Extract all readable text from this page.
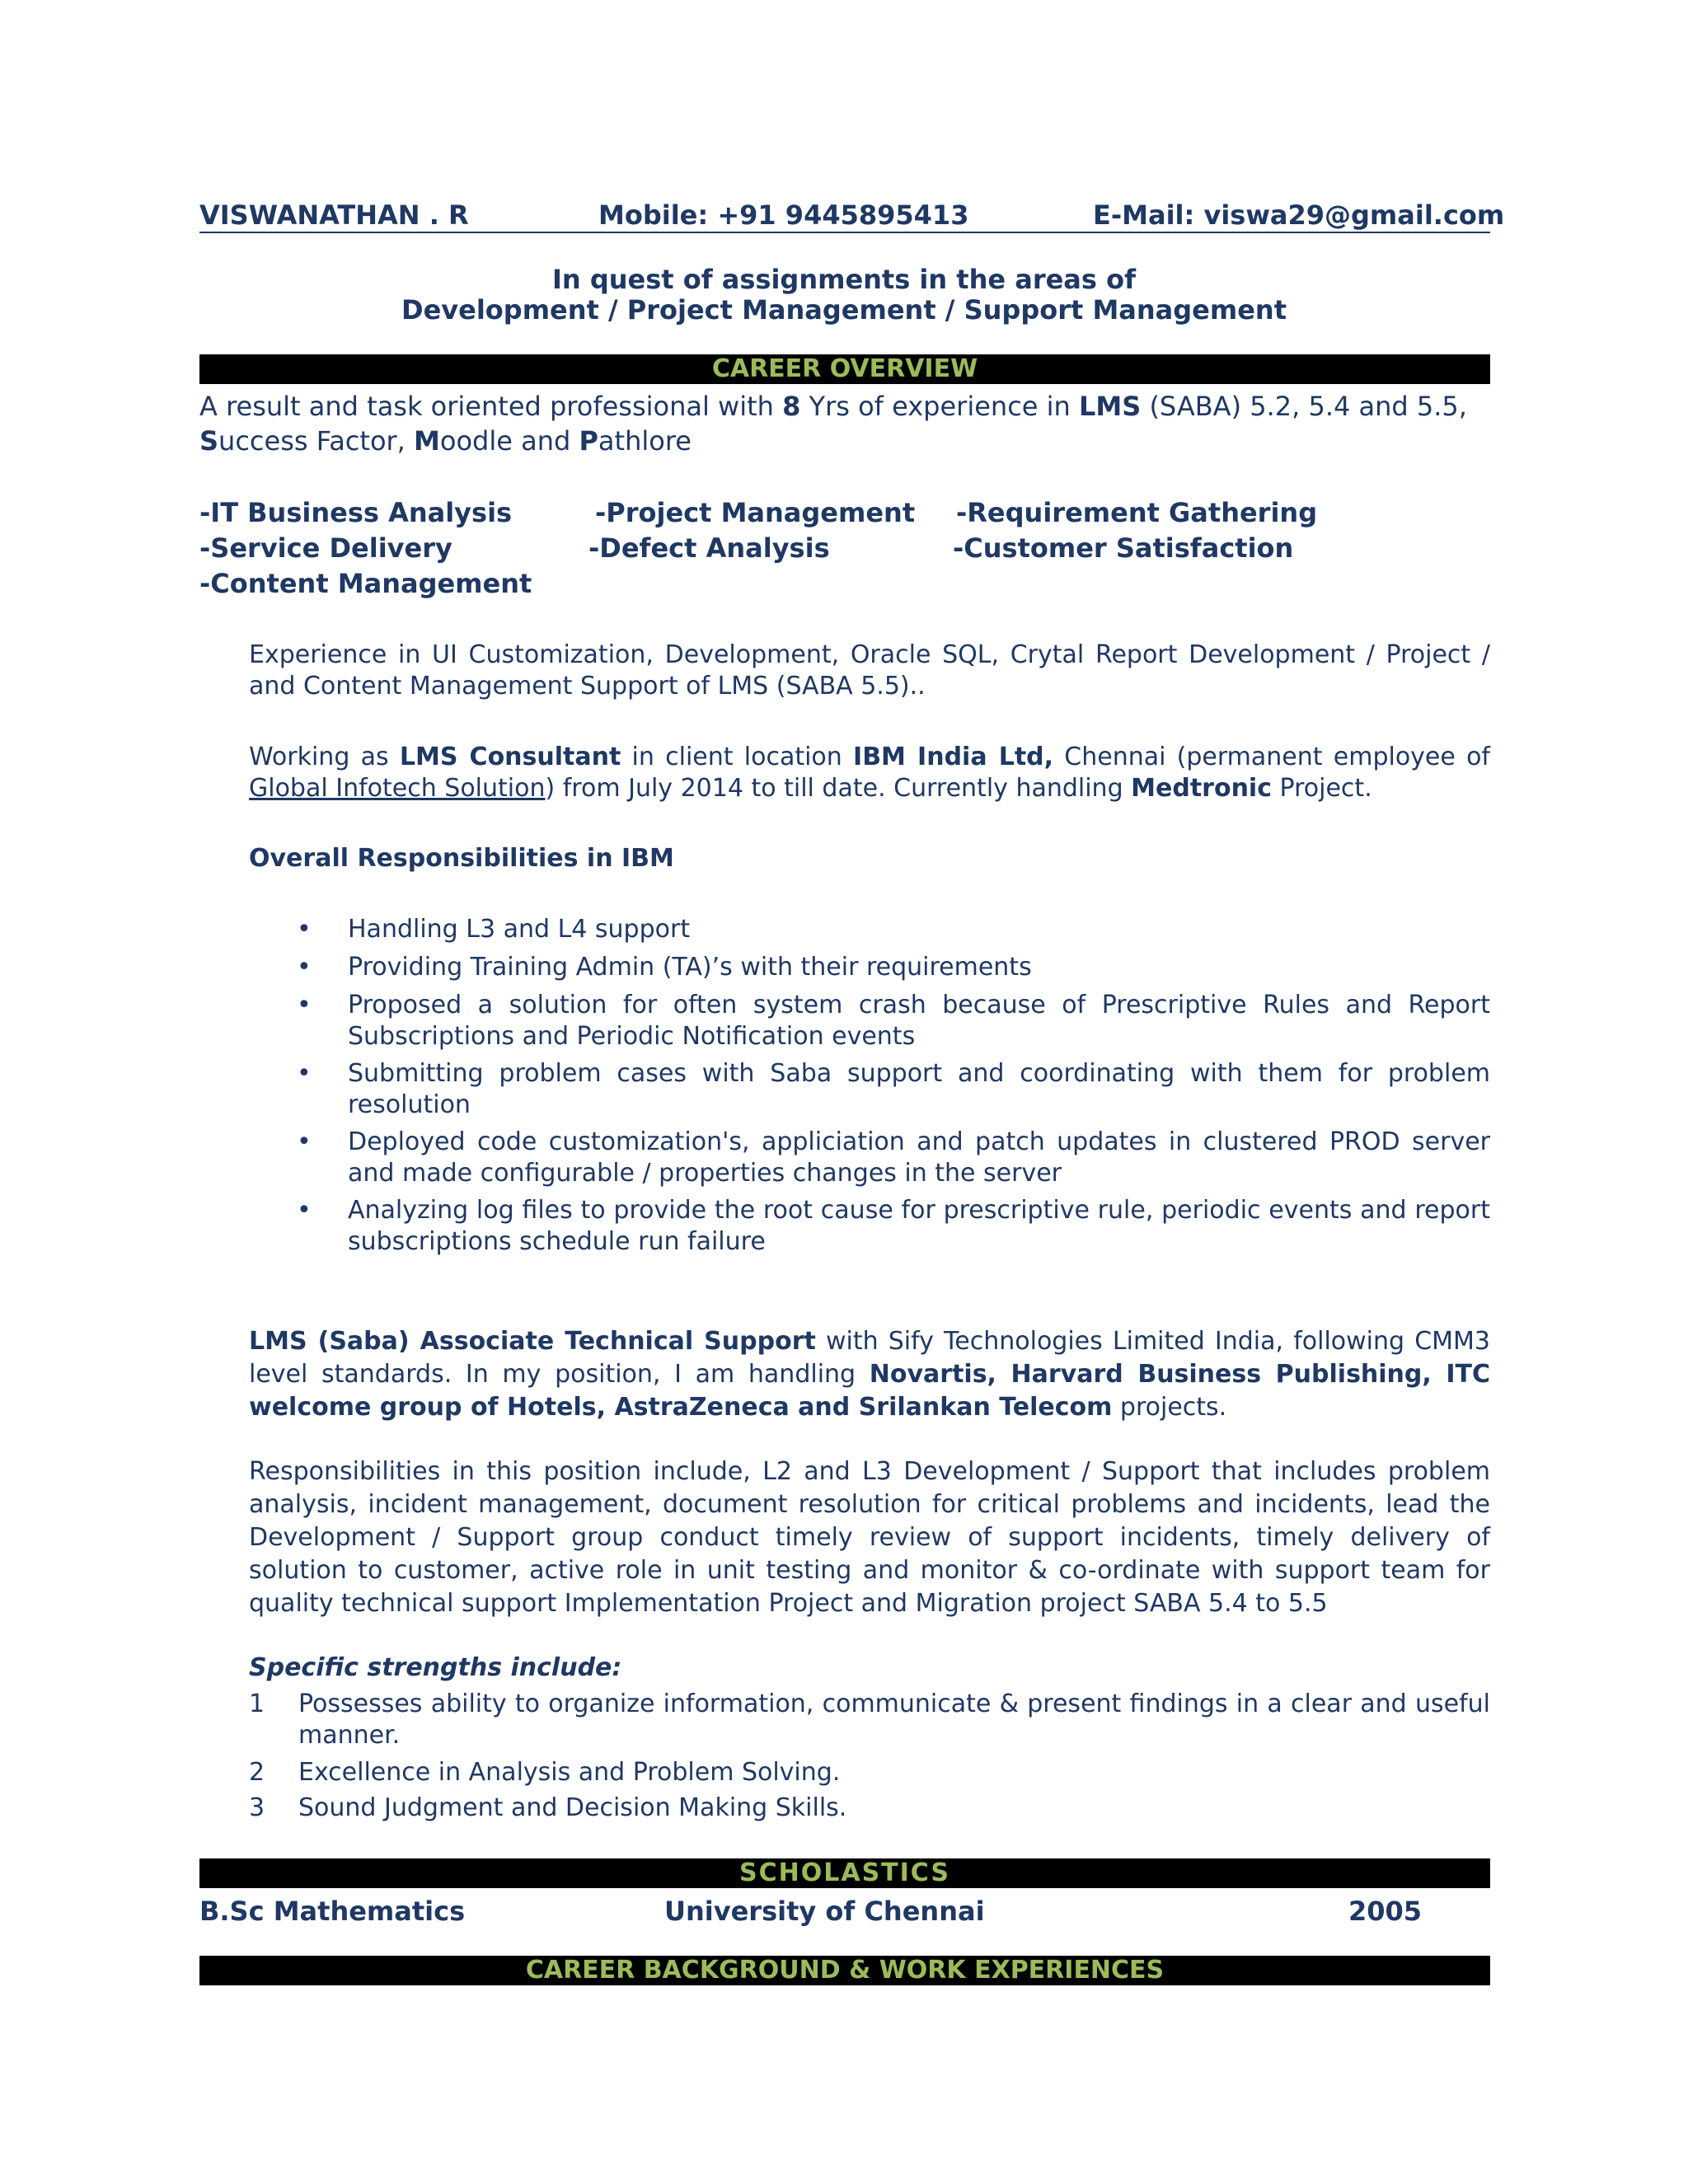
VISWANATHAN . R	Mobile: +91 9445895413	E-Mail: viswa29@gmail.com
In quest of assignments in the areas of
Development / Project Management / Support Management
CAREER OVERVIEW
A result and task oriented professional with 8 Yrs of experience in LMS (SABA) 5.2, 5.4 and 5.5,
Success Factor, Moodle and Pathlore
-IT Business Analysis	-Project Management -Requirement Gathering
-Service Delivery	-Defect Analysis	-Customer Satisfaction
-Content Management
Experience in UI Customization, Development, Oracle SQL, Crytal Report Development / Project / and Content Management Support of LMS (SABA 5.5)..
Working as LMS Consultant in client location IBM India Ltd, Chennai (permanent employee of Global Infotech Solution) from July 2014 to till date. Currently handling Medtronic Project.
Overall Responsibilities in IBM
• Handling L3 and L4 support
• Providing Training Admin (TA)’s with their requirements
• Proposed a solution for often system crash because of Prescriptive Rules and Report Subscriptions and Periodic Notification events
• Submitting problem cases with Saba support and coordinating with them for problem resolution
• Deployed code customization's, appliciation and patch updates in clustered PROD server and made configurable / properties changes in the server
• Analyzing log files to provide the root cause for prescriptive rule, periodic events and report subscriptions schedule run failure
LMS (Saba) Associate Technical Support with Sify Technologies Limited India, following CMM3 level standards. In my position, I am handling Novartis, Harvard Business Publishing, ITC welcome group of Hotels, AstraZeneca and Srilankan Telecom projects.
Responsibilities in this position include, L2 and L3 Development / Support that includes problem analysis, incident management, document resolution for critical problems and incidents, lead the Development / Support group conduct timely review of support incidents, timely delivery of solution to customer, active role in unit testing and monitor & co-ordinate with support team for quality technical support Implementation Project and Migration project SABA 5.4 to 5.5
Specific strengths include:
1 Possesses ability to organize information, communicate & present findings in a clear and useful manner.
2 Excellence in Analysis and Problem Solving.
3 Sound Judgment and Decision Making Skills.
SCHOLASTICS
B.Sc Mathematics	University of Chennai	2005
CAREER BACKGROUND & WORK EXPERIENCES
